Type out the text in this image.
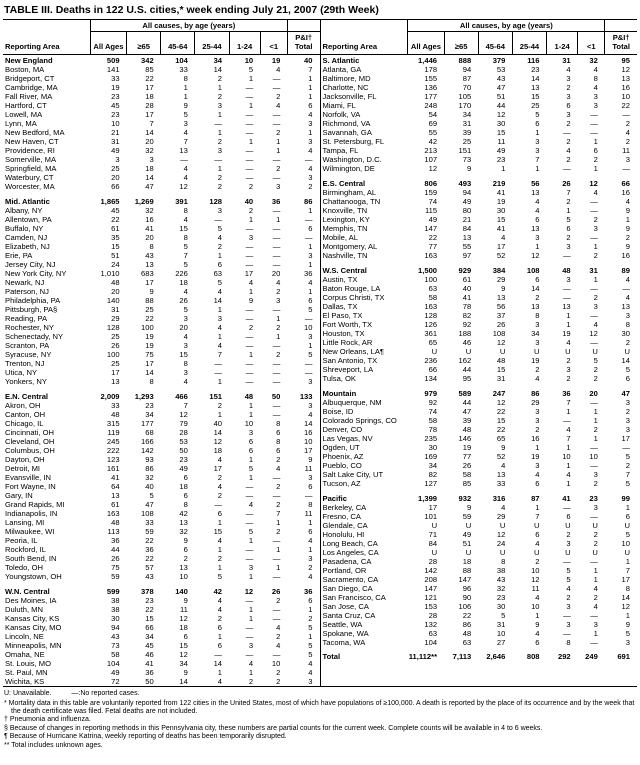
TABLE III. Deaths in 122 U.S. cities,* week ending July 21, 2007 (29th Week)
	All causes, by age (years)						
Reporting Area	All Ages	≥65	45-64	25-44	1-24	<1	P&I†
Total

New England	509	342	104	34	10	19	40
Boston, MA	141	85	33	14	5	4	7
Bridgeport, CT	33	22	8	2	1	—	1
Cambridge, MA	19	17	1	1	—	—	1
Fall River, MA	23	18	1	2	—	2	1
Hartford, CT	45	28	9	3	1	4	6
Lowell, MA	23	17	5	1	—	—	4
Lynn, MA	10	7	3	—	—	—	3
New Bedford, MA	21	14	4	1	—	2	1
New Haven, CT	31	20	7	2	1	1	3
Providence, RI	49	32	13	3	—	1	4
Somerville, MA	3	3	—	—	—	—	—
Springfield, MA	25	18	4	1	—	2	4
Waterbury, CT	20	14	4	2	—	—	3
Worcester, MA	66	47	12	2	2	3	2

Mid. Atlantic	1,865	1,269	391	128	40	36	86
Albany, NY	45	32	8	3	2	—	1
Allentown, PA	22	16	4	—	1	1	—
Buffalo, NY	61	41	15	5	—	—	6
Camden, NJ	35	20	8	4	3	—	—
Elizabeth, NJ	15	8	5	2	—	—	1
Erie, PA	51	43	7	1	—	—	3
Jersey City, NJ	24	13	5	6	—	—	1
New York City, NY	1,010	683	226	63	17	20	36
Newark, NJ	48	17	18	5	4	4	4
Paterson, NJ	20	9	4	4	1	2	1
Philadelphia, PA	140	88	26	14	9	3	6
Pittsburgh, PA§	31	25	5	1	—	—	5
Reading, PA	29	22	3	3	—	1	—
Rochester, NY	128	100	20	4	2	2	10
Schenectady, NY	25	19	4	1	—	1	3
Scranton, PA	26	19	3	4	—	—	1
Syracuse, NY	100	75	15	7	1	2	5
Trenton, NJ	25	17	8	—	—	—	—
Utica, NY	17	14	3	—	—	—	—
Yonkers, NY	13	8	4	1	—	—	3

E.N. Central	2,009	1,293	466	151	48	50	133
Akron, OH	33	23	7	2	1	—	3
Canton, OH	48	34	12	1	1	—	4
Chicago, IL	315	177	79	40	10	8	14
Cincinnati, OH	119	68	28	14	3	6	16
Cleveland, OH	245	166	53	12	6	8	10
Columbus, OH	222	142	50	18	6	6	17
Dayton, OH	123	93	23	4	1	2	9
Detroit, MI	161	86	49	17	5	4	11
Evansville, IN	41	32	6	2	1	—	3
Fort Wayne, IN	64	40	18	4	—	2	6
Gary, IN	13	5	6	2	—	—	—
Grand Rapids, MI	61	47	8	—	4	2	8
Indianapolis, IN	163	108	42	6	—	7	11
Lansing, MI	48	33	13	1	—	1	1
Milwaukee, WI	113	59	32	15	5	2	6
Peoria, IL	36	22	9	4	1	—	4
Rockford, IL	44	36	6	1	—	1	1
South Bend, IN	26	22	2	2	—	—	3
Toledo, OH	75	57	13	1	3	1	2
Youngstown, OH	59	43	10	5	1	—	4

W.N. Central	599	378	140	42	12	26	36
Des Moines, IA	38	23	9	4	—	2	6
Duluth, MN	38	22	11	4	1	—	1
Kansas City, KS	30	15	12	2	1	—	2
Kansas City, MO	94	66	18	6	—	4	5
Lincoln, NE	43	34	6	1	—	2	1
Minneapolis, MN	73	45	15	6	3	4	5
Omaha, NE	58	46	12	—	—	—	5
St. Louis, MO	104	41	34	14	4	10	4
St. Paul, MN	49	36	9	1	1	2	4
Wichita, KS	72	50	14	4	2	2	3
	All causes, by age (years)						
Reporting Area	All Ages	≥65	45-64	25-44	1-24	<1	P&I†
Total

S. Atlantic	1,446	888	379	116	31	32	95
Atlanta, GA	178	94	53	23	4	4	12
Baltimore, MD	155	87	43	14	3	8	13
Charlotte, NC	136	70	47	13	2	4	16
Jacksonville, FL	177	105	51	15	3	3	10
Miami, FL	248	170	44	25	6	3	22
Norfolk, VA	54	34	12	5	3	—	—
Richmond, VA	69	31	30	6	2	—	2
Savannah, GA	55	39	15	1	—	—	4
St. Petersburg, FL	42	25	11	3	2	1	2
Tampa, FL	213	151	49	3	4	6	11
Washington, D.C.	107	73	23	7	2	2	3
Wilmington, DE	12	9	1	1	—	1	—

E.S. Central	806	493	219	56	26	12	66
Birmingham, AL	159	94	41	13	7	4	16
Chattanooga, TN	74	49	19	4	2	—	4
Knoxville, TN	115	80	30	4	1	—	9
Lexington, KY	49	21	15	6	5	2	1
Memphis, TN	147	84	41	13	6	3	9
Mobile, AL	22	13	4	3	2	—	2
Montgomery, AL	77	55	17	1	3	1	9
Nashville, TN	163	97	52	12	—	2	16

W.S. Central	1,500	929	384	108	48	31	89
Austin, TX	100	61	29	6	3	1	4
Baton Rouge, LA	63	40	9	14	—	—	—
Corpus Christi, TX	58	41	13	2	—	2	4
Dallas, TX	163	78	56	13	13	3	13
El Paso, TX	128	82	37	8	1	—	3
Fort Worth, TX	126	92	26	3	1	4	8
Houston, TX	361	188	108	34	19	12	30
Little Rock, AR	65	46	12	3	4	—	2
New Orleans, LA¶	U	U	U	U	U	U	U
San Antonio, TX	236	162	48	19	2	5	14
Shreveport, LA	66	44	15	2	3	2	5
Tulsa, OK	134	95	31	4	2	2	6

Mountain	979	589	247	86	36	20	47
Albuquerque, NM	92	44	12	29	7	—	3
Boise, ID	74	47	22	3	1	1	2
Colorado Springs, CO	58	39	15	3	—	1	3
Denver, CO	78	48	22	2	4	2	3
Las Vegas, NV	235	146	65	16	7	1	17
Ogden, UT	30	19	9	1	1	—	—
Phoenix, AZ	169	77	52	19	10	10	5
Pueblo, CO	34	26	4	3	1	—	2
Salt Lake City, UT	82	58	13	4	4	3	7
Tucson, AZ	127	85	33	6	1	2	5

Pacific	1,399	932	316	87	41	23	99
Berkeley, CA	17	9	4	1	—	3	1
Fresno, CA	101	59	29	7	6	—	6
Glendale, CA	U	U	U	U	U	U	U
Honolulu, HI	71	49	12	6	2	2	5
Long Beach, CA	84	51	24	4	3	2	10
Los Angeles, CA	U	U	U	U	U	U	U
Pasadena, CA	28	18	8	2	—	—	1
Portland, OR	142	88	38	10	5	1	7
Sacramento, CA	208	147	43	12	5	1	17
San Diego, CA	147	96	32	11	4	4	8
San Francisco, CA	121	90	23	4	2	2	14
San Jose, CA	153	106	30	10	3	4	12
Santa Cruz, CA	28	22	5	1	—	—	1
Seattle, WA	132	86	31	9	3	3	9
Spokane, WA	63	48	10	4	—	1	5
Tacoma, WA	104	63	27	6	8	—	3

Total	11,112**	7,113	2,646	808	292	249	691
U: Unavailable.	—:No reported cases.
* Mortality data in this table are voluntarily reported from 122 cities in the United States, most of which have populations of ≥100,000. A death is reported by the place of its occurrence and by the week that the death certificate was filed. Fetal deaths are not included.
† Pneumonia and influenza.
§ Because of changes in reporting methods in this Pennsylvania city, these numbers are partial counts for the current week. Complete counts will be available in 4 to 6 weeks.
¶ Because of Hurricane Katrina, weekly reporting of deaths has been temporarily disrupted.
** Total includes unknown ages.
